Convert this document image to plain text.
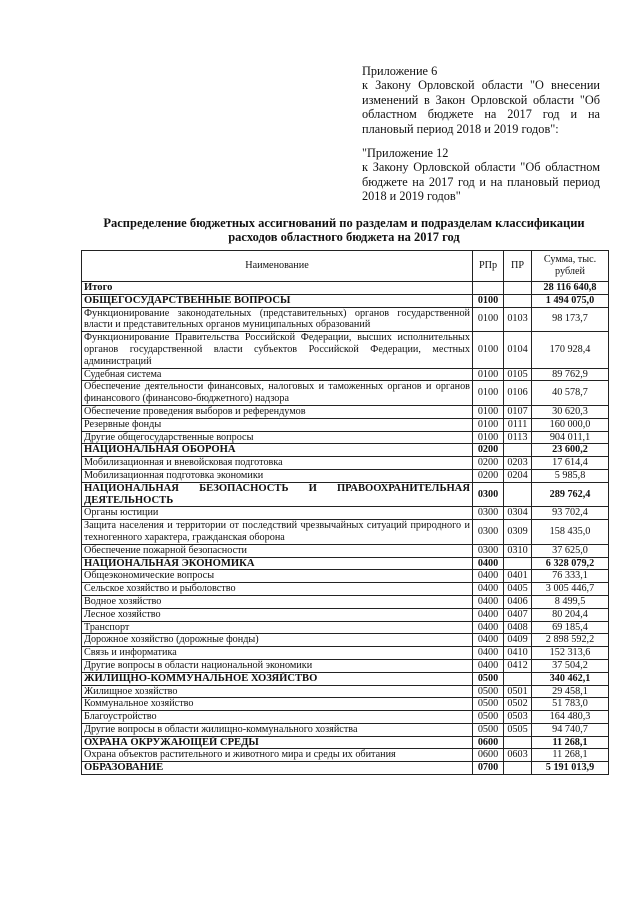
Приложение 6

к Закону Орловской области "О внесении изменений в Закон Орловской области "Об областном бюджете на 2017 год и на плановый период 2018 и 2019 годов":

"Приложение 12

к Закону Орловской области "Об областном бюджете на 2017 год и на плановый период 2018 и 2019 годов"

Распределение бюджетных ассигнований по разделам и подразделам классификации расходов областного бюджета на 2017 год
Наименование	РПр	ПР	Сумма, тыс. рублей
Итого			28 116 640,8
ОБЩЕГОСУДАРСТВЕННЫЕ ВОПРОСЫ	0100		1 494 075,0
Функционирование законодательных (представительных) органов государственной власти и представительных органов муниципальных образований	0100	0103	98 173,7
Функционирование Правительства Российской Федерации, высших исполнительных органов государственной власти субъектов Российской Федерации, местных администраций	0100	0104	170 928,4
Судебная система	0100	0105	89 762,9
Обеспечение деятельности финансовых, налоговых и таможенных органов и органов финансового (финансово-бюджетного) надзора	0100	0106	40 578,7
Обеспечение проведения выборов и референдумов	0100	0107	30 620,3
Резервные фонды	0100	0111	160 000,0
Другие общегосударственные вопросы	0100	0113	904 011,1
НАЦИОНАЛЬНАЯ ОБОРОНА	0200		23 600,2
Мобилизационная и вневойсковая подготовка	0200	0203	17 614,4
Мобилизационная подготовка экономики	0200	0204	5 985,8
НАЦИОНАЛЬНАЯ БЕЗОПАСНОСТЬ И ПРАВООХРАНИТЕЛЬНАЯ ДЕЯТЕЛЬНОСТЬ	0300		289 762,4
Органы юстиции	0300	0304	93 702,4
Защита населения и территории от последствий чрезвычайных ситуаций природного и техногенного характера, гражданская оборона	0300	0309	158 435,0
Обеспечение пожарной безопасности	0300	0310	37 625,0
НАЦИОНАЛЬНАЯ ЭКОНОМИКА	0400		6 328 079,2
Общеэкономические вопросы	0400	0401	76 333,1
Сельское хозяйство и рыболовство	0400	0405	3 005 446,7
Водное хозяйство	0400	0406	8 499,5
Лесное хозяйство	0400	0407	80 204,4
Транспорт	0400	0408	69 185,4
Дорожное хозяйство (дорожные фонды)	0400	0409	2 898 592,2
Связь и информатика	0400	0410	152 313,6
Другие вопросы в области национальной экономики	0400	0412	37 504,2
ЖИЛИЩНО-КОММУНАЛЬНОЕ ХОЗЯЙСТВО	0500		340 462,1
Жилищное хозяйство	0500	0501	29 458,1
Коммунальное хозяйство	0500	0502	51 783,0
Благоустройство	0500	0503	164 480,3
Другие вопросы в области жилищно-коммунального хозяйства	0500	0505	94 740,7
ОХРАНА ОКРУЖАЮЩЕЙ СРЕДЫ	0600		11 268,1
Охрана объектов растительного и животного мира и среды их обитания	0600	0603	11 268,1
ОБРАЗОВАНИЕ	0700		5 191 013,9
